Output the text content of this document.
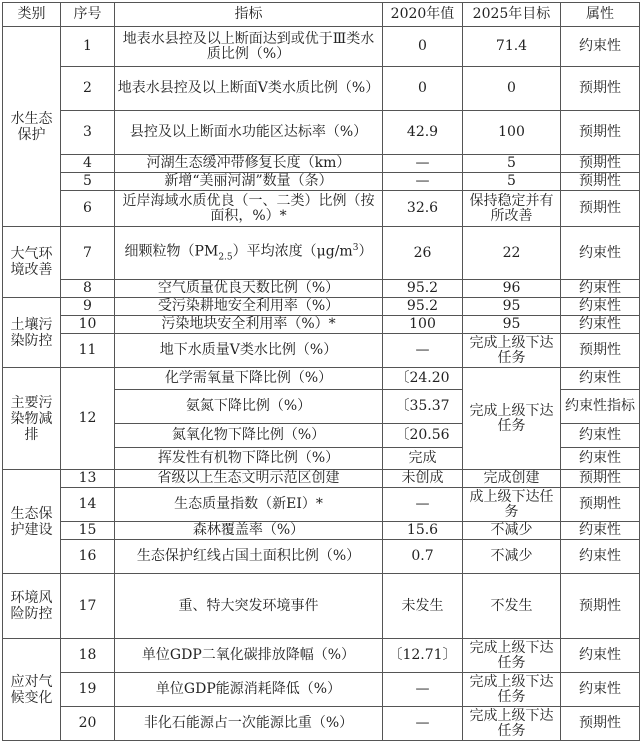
类别	序号	指标	2020年值	2025年目标	属性
水生态保护	1	地表水县控及以上断面达到或优于Ⅲ类水质比例（%）	0	71.4	约束性
	2	地表水县控及以上断面V类水质比例（%）	0	0	预期性
	3	县控及以上断面水功能区达标率（%）	42.9	100	预期性
	4	河湖生态缓冲带修复长度（km）	—	5	预期性
	5	新增“美丽河湖”数量（条）	—	5	预期性
	6	近岸海域水质优良（一、二类）比例（按面积，%）*	32.6	保持稳定并有所改善	预期性
大气环境改善	7	细颗粒物$(PM_{2.5})$平均浓度$(\mu g/m^3)$	26	22	约束性
	8	空气质量优良天数比例（%）	95.2	96	约束性
土壤污染防控	9	受污染耕地安全利用率（%）	95.2	95	约束性
	10	污染地块安全利用率（%）*	100	95	约束性
	11	地下水质量V类水比例（%）	—	完成上级下达任务	预期性
主要污染物减排	12	化学需氧量下降比例（%）	〔24.20	完成上级下达任务	约束性
		氨氮下降比例（%）	〔35.37		约束性指标
		氮氧化物下降比例（%）	〔20.56		约束性
		挥发性有机物下降比例（%）	完成		约束性
生态保护建设	13	省级以上生态文明示范区创建	未创成	完成创建	预期性
	14	生态质量指数（新EI）*	—	成上级下达任务	预期性
	15	森林覆盖率（%）	15.6	不减少	约束性
	16	生态保护红线占国土面积比例（%）	0.7	不减少	约束性
环境风险防控	17	重、特大突发环境事件	未发生	不发生	预期性
应对气候变化	18	单位GDP二氧化碳排放降幅（%）	〔12.71〕	完成上级下达任务	约束性
	19	单位GDP能源消耗降低（%）	—	完成上级下达任务	约束性
	20	非化石能源占一次能源比重（%）	—	完成上级下达任务	预期性
